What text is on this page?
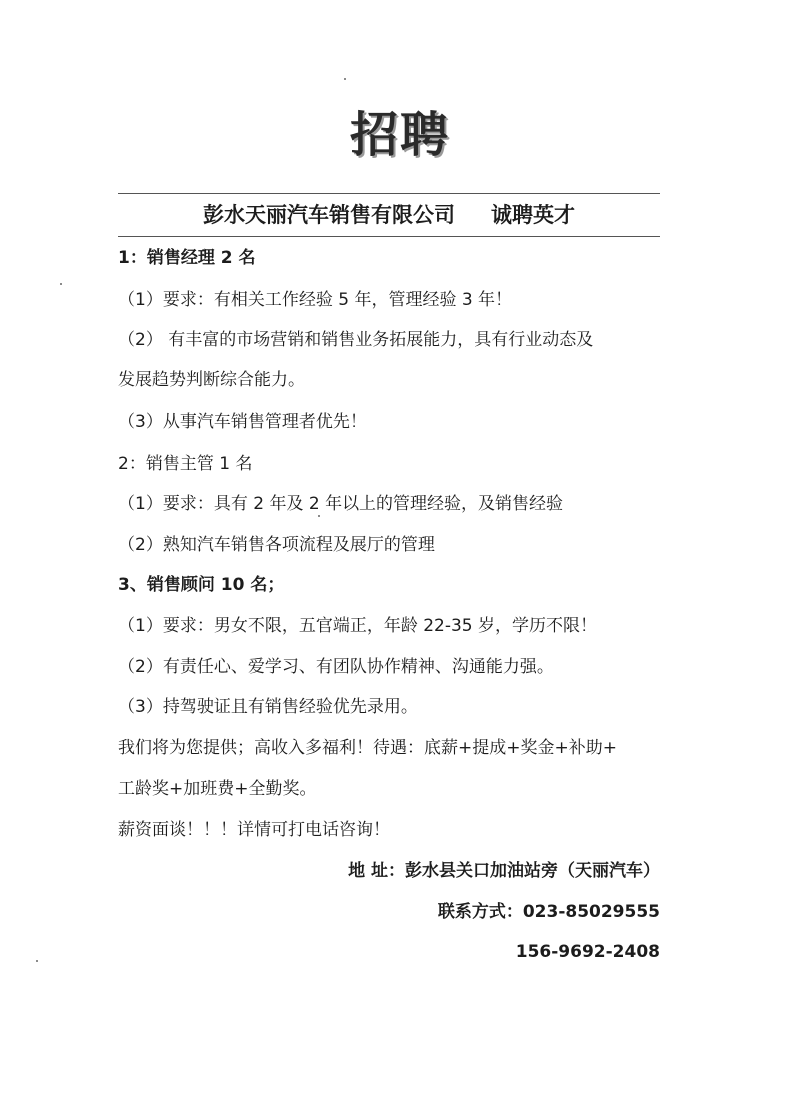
招聘
彭水天丽汽车销售有限公司 诚聘英才
1：销售经理 2 名
（1）要求：有相关工作经验 5 年，管理经验 3 年！
（2） 有丰富的市场营销和销售业务拓展能力，具有行业动态及
发展趋势判断综合能力。
（3）从事汽车销售管理者优先！
2：销售主管 1 名
（1）要求：具有 2 年及 2 年以上的管理经验，及销售经验
（2）熟知汽车销售各项流程及展厅的管理
3、销售顾问 10 名；
（1）要求：男女不限，五官端正，年龄 22-35 岁，学历不限！
（2）有责任心、爱学习、有团队协作精神、沟通能力强。
（3）持驾驶证且有销售经验优先录用。
我们将为您提供；高收入多福利！待遇：底薪+提成+奖金+补助+
工龄奖+加班费+全勤奖。
薪资面谈！！！详情可打电话咨询！
地 址：彭水县关口加油站旁（天丽汽车）
联系方式：023-85029555
156-9692-2408
